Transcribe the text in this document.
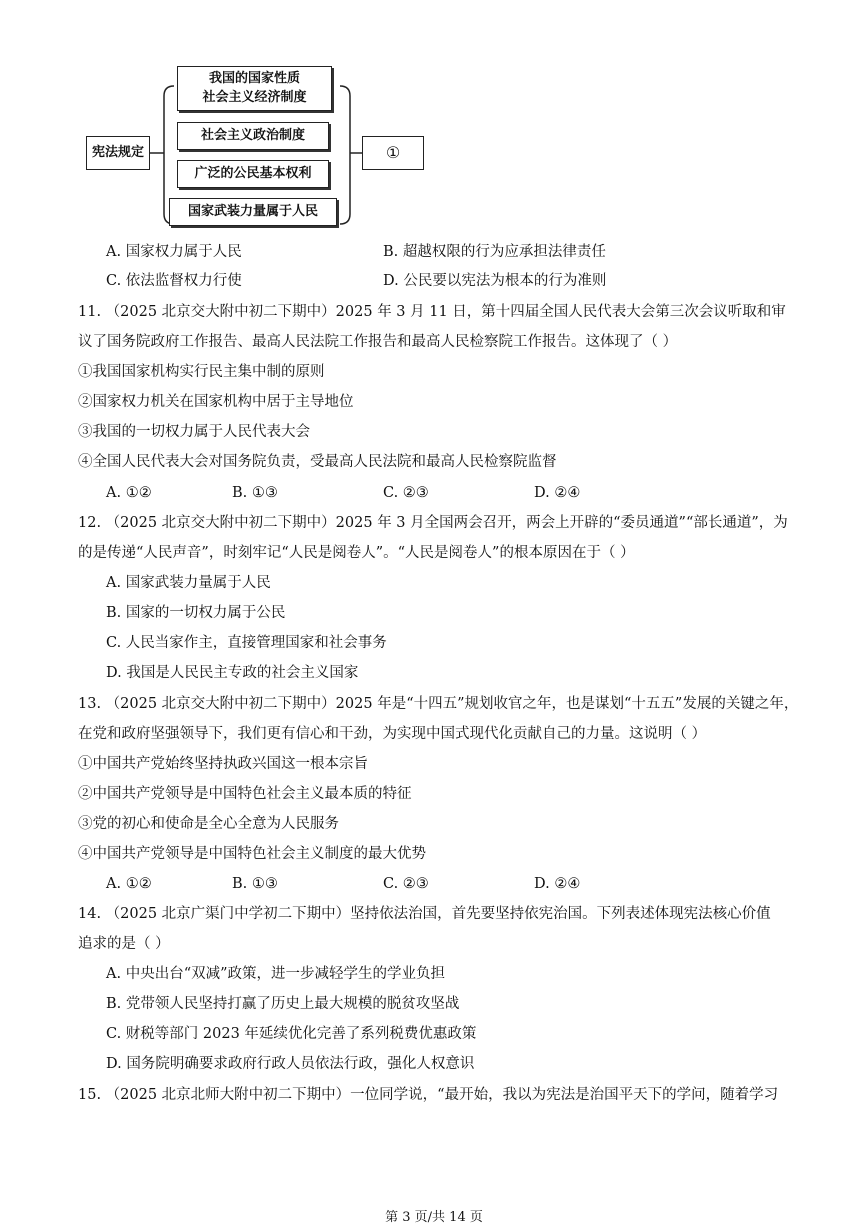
宪法规定
我国的国家性质
社会主义经济制度
社会主义政治制度
广泛的公民基本权利
国家武装力量属于人民
①
A. 国家权力属于人民	B. 超越权限的行为应承担法律责任
C. 依法监督权力行使	D. 公民要以宪法为根本的行为准则
11. （2025 北京交大附中初二下期中）2025 年 3 月 11 日，第十四届全国人民代表大会第三次会议听取和审
议了国务院政府工作报告、最高人民法院工作报告和最高人民检察院工作报告。这体现了（ ）
①我国国家机构实行民主集中制的原则
②国家权力机关在国家机构中居于主导地位
③我国的一切权力属于人民代表大会
④全国人民代表大会对国务院负责，受最高人民法院和最高人民检察院监督
A. ①②	B. ①③	C. ②③	D. ②④
12. （2025 北京交大附中初二下期中）2025 年 3 月全国两会召开，两会上开辟的“委员通道”“部长通道”，为
的是传递“人民声音”，时刻牢记“人民是阅卷人”。“人民是阅卷人”的根本原因在于（ ）
A. 国家武装力量属于人民
B. 国家的一切权力属于公民
C. 人民当家作主，直接管理国家和社会事务
D. 我国是人民民主专政的社会主义国家
13. （2025 北京交大附中初二下期中）2025 年是“十四五”规划收官之年，也是谋划“十五五”发展的关键之年，
在党和政府坚强领导下，我们更有信心和干劲，为实现中国式现代化贡献自己的力量。这说明（ ）
①中国共产党始终坚持执政兴国这一根本宗旨
②中国共产党领导是中国特色社会主义最本质的特征
③党的初心和使命是全心全意为人民服务
④中国共产党领导是中国特色社会主义制度的最大优势
A. ①②	B. ①③	C. ②③	D. ②④
14. （2025 北京广渠门中学初二下期中）坚持依法治国，首先要坚持依宪治国。下列表述体现宪法核心价值
追求的是（ ）
A. 中央出台“双减”政策，进一步减轻学生的学业负担
B. 党带领人民坚持打赢了历史上最大规模的脱贫攻坚战
C. 财税等部门 2023 年延续优化完善了系列税费优惠政策
D. 国务院明确要求政府行政人员依法行政，强化人权意识
15. （2025 北京北师大附中初二下期中）一位同学说，“最开始，我以为宪法是治国平天下的学问，随着学习
第 3 页/共 14 页
